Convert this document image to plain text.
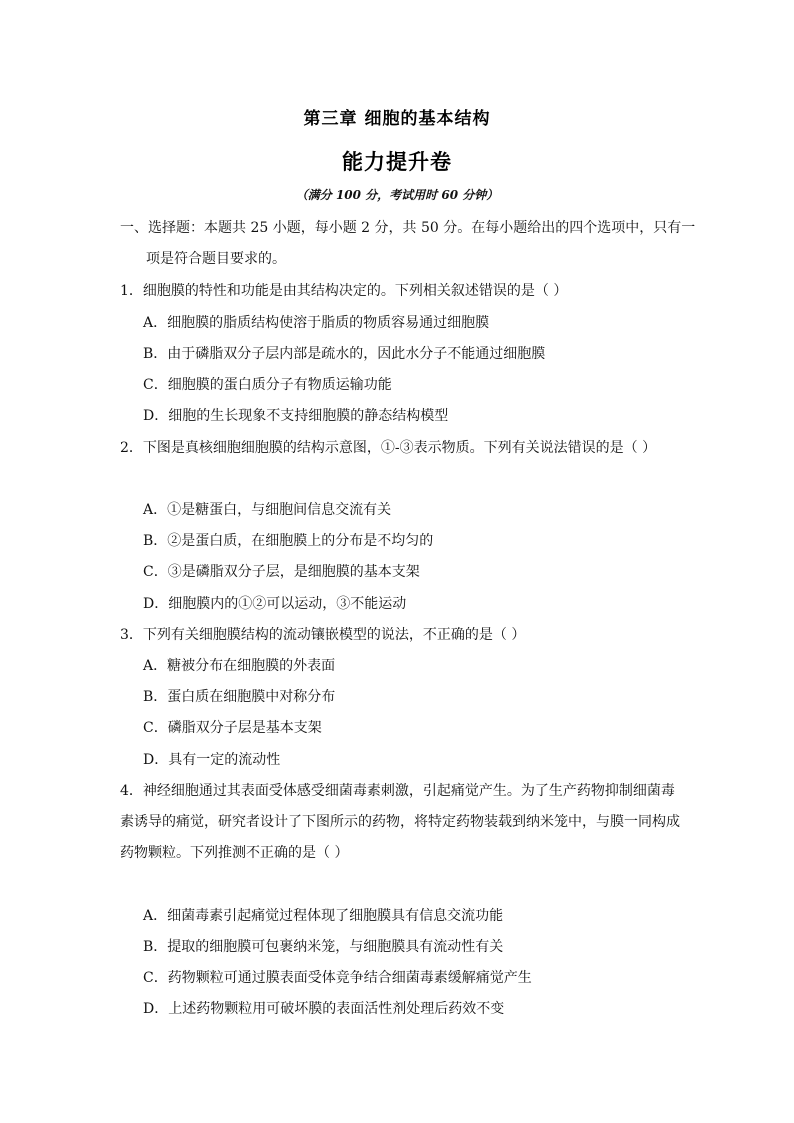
第三章 细胞的基本结构
能力提升卷
（满分 100 分，考试用时 60 分钟）
一、选择题：本题共 25 小题，每小题 2 分，共 50 分。在每小题给出的四个选项中，只有一
项是符合题目要求的。
1．细胞膜的特性和功能是由其结构决定的。下列相关叙述错误的是（ ）
A．细胞膜的脂质结构使溶于脂质的物质容易通过细胞膜
B．由于磷脂双分子层内部是疏水的，因此水分子不能通过细胞膜
C．细胞膜的蛋白质分子有物质运输功能
D．细胞的生长现象不支持细胞膜的静态结构模型
2．下图是真核细胞细胞膜的结构示意图，①-③表示物质。下列有关说法错误的是（ ）
A．①是糖蛋白，与细胞间信息交流有关
B．②是蛋白质，在细胞膜上的分布是不均匀的
C．③是磷脂双分子层，是细胞膜的基本支架
D．细胞膜内的①②可以运动，③不能运动
3．下列有关细胞膜结构的流动镶嵌模型的说法，不正确的是（ ）
A．糖被分布在细胞膜的外表面
B．蛋白质在细胞膜中对称分布
C．磷脂双分子层是基本支架
D．具有一定的流动性
4．神经细胞通过其表面受体感受细菌毒素刺激，引起痛觉产生。为了生产药物抑制细菌毒
素诱导的痛觉，研究者设计了下图所示的药物，将特定药物装载到纳米笼中，与膜一同构成
药物颗粒。下列推测不正确的是（ ）
A．细菌毒素引起痛觉过程体现了细胞膜具有信息交流功能
B．提取的细胞膜可包裹纳米笼，与细胞膜具有流动性有关
C．药物颗粒可通过膜表面受体竞争结合细菌毒素缓解痛觉产生
D．上述药物颗粒用可破坏膜的表面活性剂处理后药效不变
